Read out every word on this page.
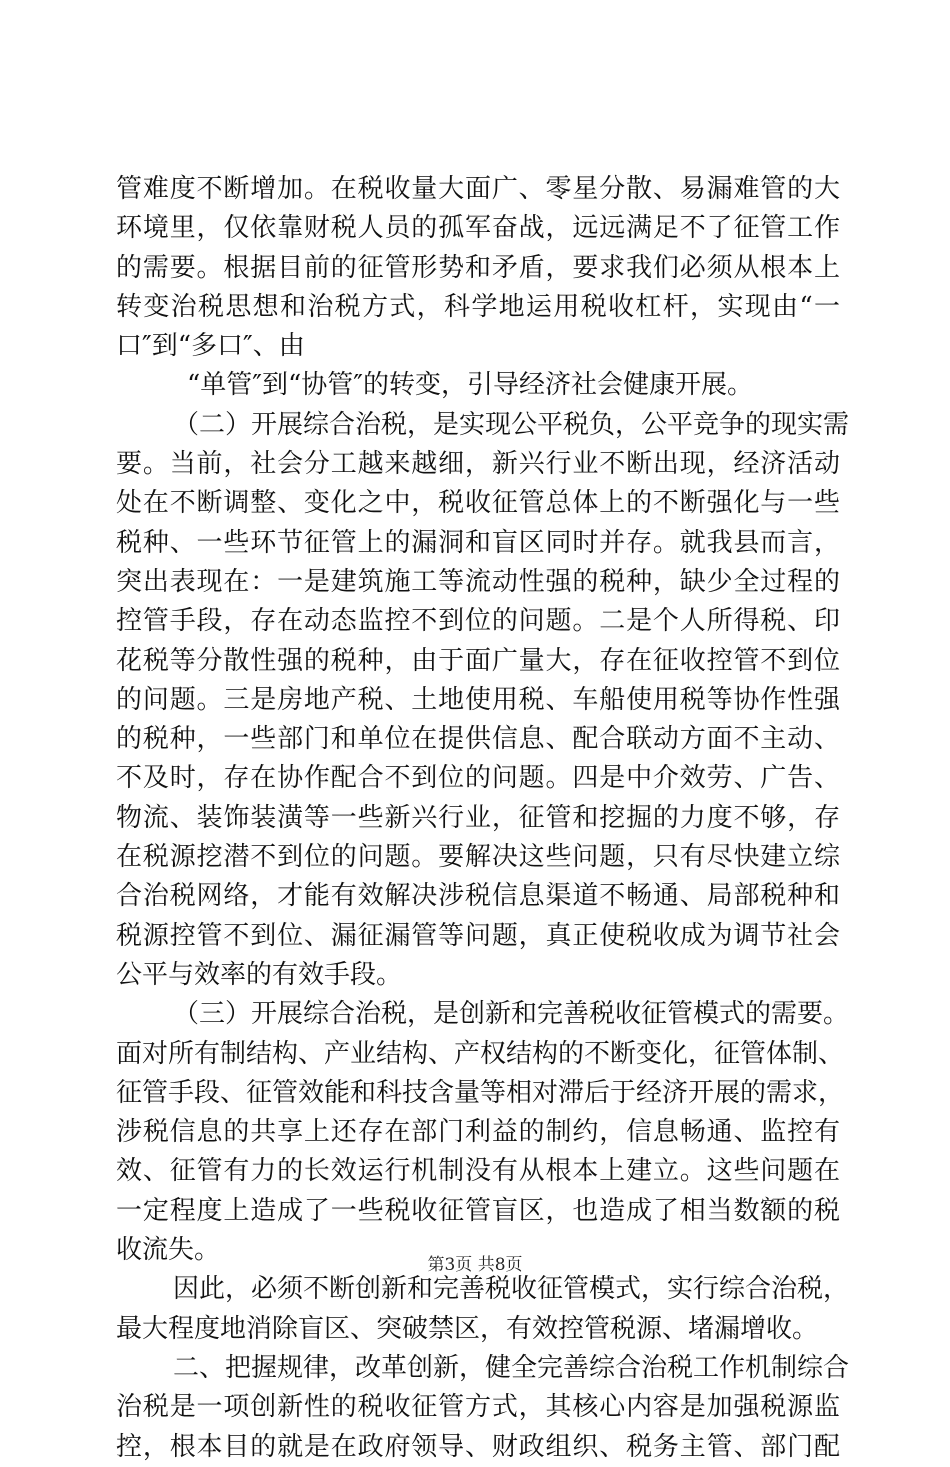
管难度不断增加。在税收量大面广、零星分散、易漏难管的大
环境里，仅依靠财税人员的孤军奋战，远远满足不了征管工作
的需要。根据目前的征管形势和矛盾，要求我们必须从根本上
转变治税思想和治税方式，科学地运用税收杠杆，实现由“一
口″到“多口″、由
“单管″到“协管″的转变，引导经济社会健康开展。
（二）开展综合治税，是实现公平税负，公平竞争的现实需
要。当前，社会分工越来越细，新兴行业不断出现，经济活动
处在不断调整、变化之中，税收征管总体上的不断强化与一些
税种、一些环节征管上的漏洞和盲区同时并存。就我县而言，
突出表现在：一是建筑施工等流动性强的税种，缺少全过程的
控管手段，存在动态监控不到位的问题。二是个人所得税、印
花税等分散性强的税种，由于面广量大，存在征收控管不到位
的问题。三是房地产税、土地使用税、车船使用税等协作性强
的税种，一些部门和单位在提供信息、配合联动方面不主动、
不及时，存在协作配合不到位的问题。四是中介效劳、广告、
物流、装饰装潢等一些新兴行业，征管和挖掘的力度不够，存
在税源挖潜不到位的问题。要解决这些问题，只有尽快建立综
合治税网络，才能有效解决涉税信息渠道不畅通、局部税种和
税源控管不到位、漏征漏管等问题，真正使税收成为调节社会
公平与效率的有效手段。
（三）开展综合治税，是创新和完善税收征管模式的需要。
面对所有制结构、产业结构、产权结构的不断变化，征管体制、
征管手段、征管效能和科技含量等相对滞后于经济开展的需求，
涉税信息的共享上还存在部门利益的制约，信息畅通、监控有
效、征管有力的长效运行机制没有从根本上建立。这些问题在
一定程度上造成了一些税收征管盲区，也造成了相当数额的税
收流失。
因此，必须不断创新和完善税收征管模式，实行综合治税，
最大程度地消除盲区、突破禁区，有效控管税源、堵漏增收。
二、把握规律，改革创新，健全完善综合治税工作机制综合
治税是一项创新性的税收征管方式，其核心内容是加强税源监
控，根本目的就是在政府领导、财政组织、税务主管、部门配
第3页 共8页
